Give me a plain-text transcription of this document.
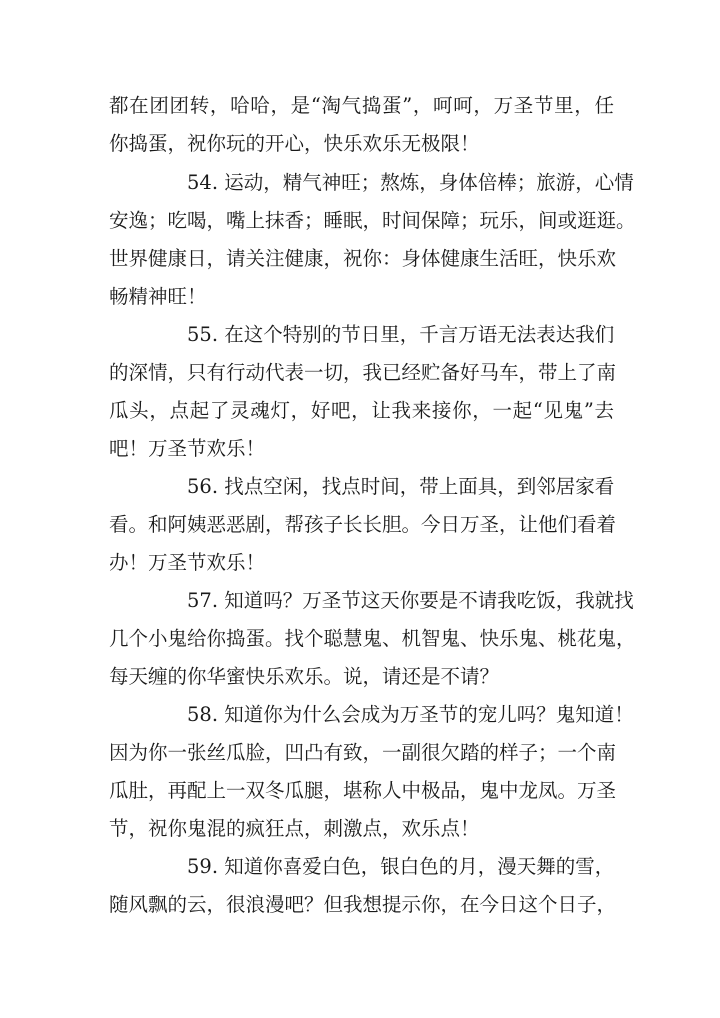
都在团团转，哈哈，是“淘气捣蛋”，呵呵，万圣节里，任
你捣蛋，祝你玩的开心，快乐欢乐无极限！
54. 运动，精气神旺；熬炼，身体倍棒；旅游，心情
安逸；吃喝，嘴上抹香；睡眠，时间保障；玩乐，间或逛逛。
世界健康日，请关注健康，祝你：身体健康生活旺，快乐欢
畅精神旺！
55. 在这个特别的节日里，千言万语无法表达我们
的深情，只有行动代表一切，我已经贮备好马车，带上了南
瓜头，点起了灵魂灯，好吧，让我来接你，一起“见鬼”去
吧！万圣节欢乐！
56. 找点空闲，找点时间，带上面具，到邻居家看
看。和阿姨恶恶剧，帮孩子长长胆。今日万圣，让他们看着
办！万圣节欢乐！
57. 知道吗？万圣节这天你要是不请我吃饭，我就找
几个小鬼给你捣蛋。找个聪慧鬼、机智鬼、快乐鬼、桃花鬼，
每天缠的你华蜜快乐欢乐。说，请还是不请？
58. 知道你为什么会成为万圣节的宠儿吗？鬼知道！
因为你一张丝瓜脸，凹凸有致，一副很欠踏的样子；一个南
瓜肚，再配上一双冬瓜腿，堪称人中极品，鬼中龙凤。万圣
节，祝你鬼混的疯狂点，刺激点，欢乐点！
59. 知道你喜爱白色，银白色的月，漫天舞的雪，
随风飘的云，很浪漫吧？但我想提示你，在今日这个日子，
